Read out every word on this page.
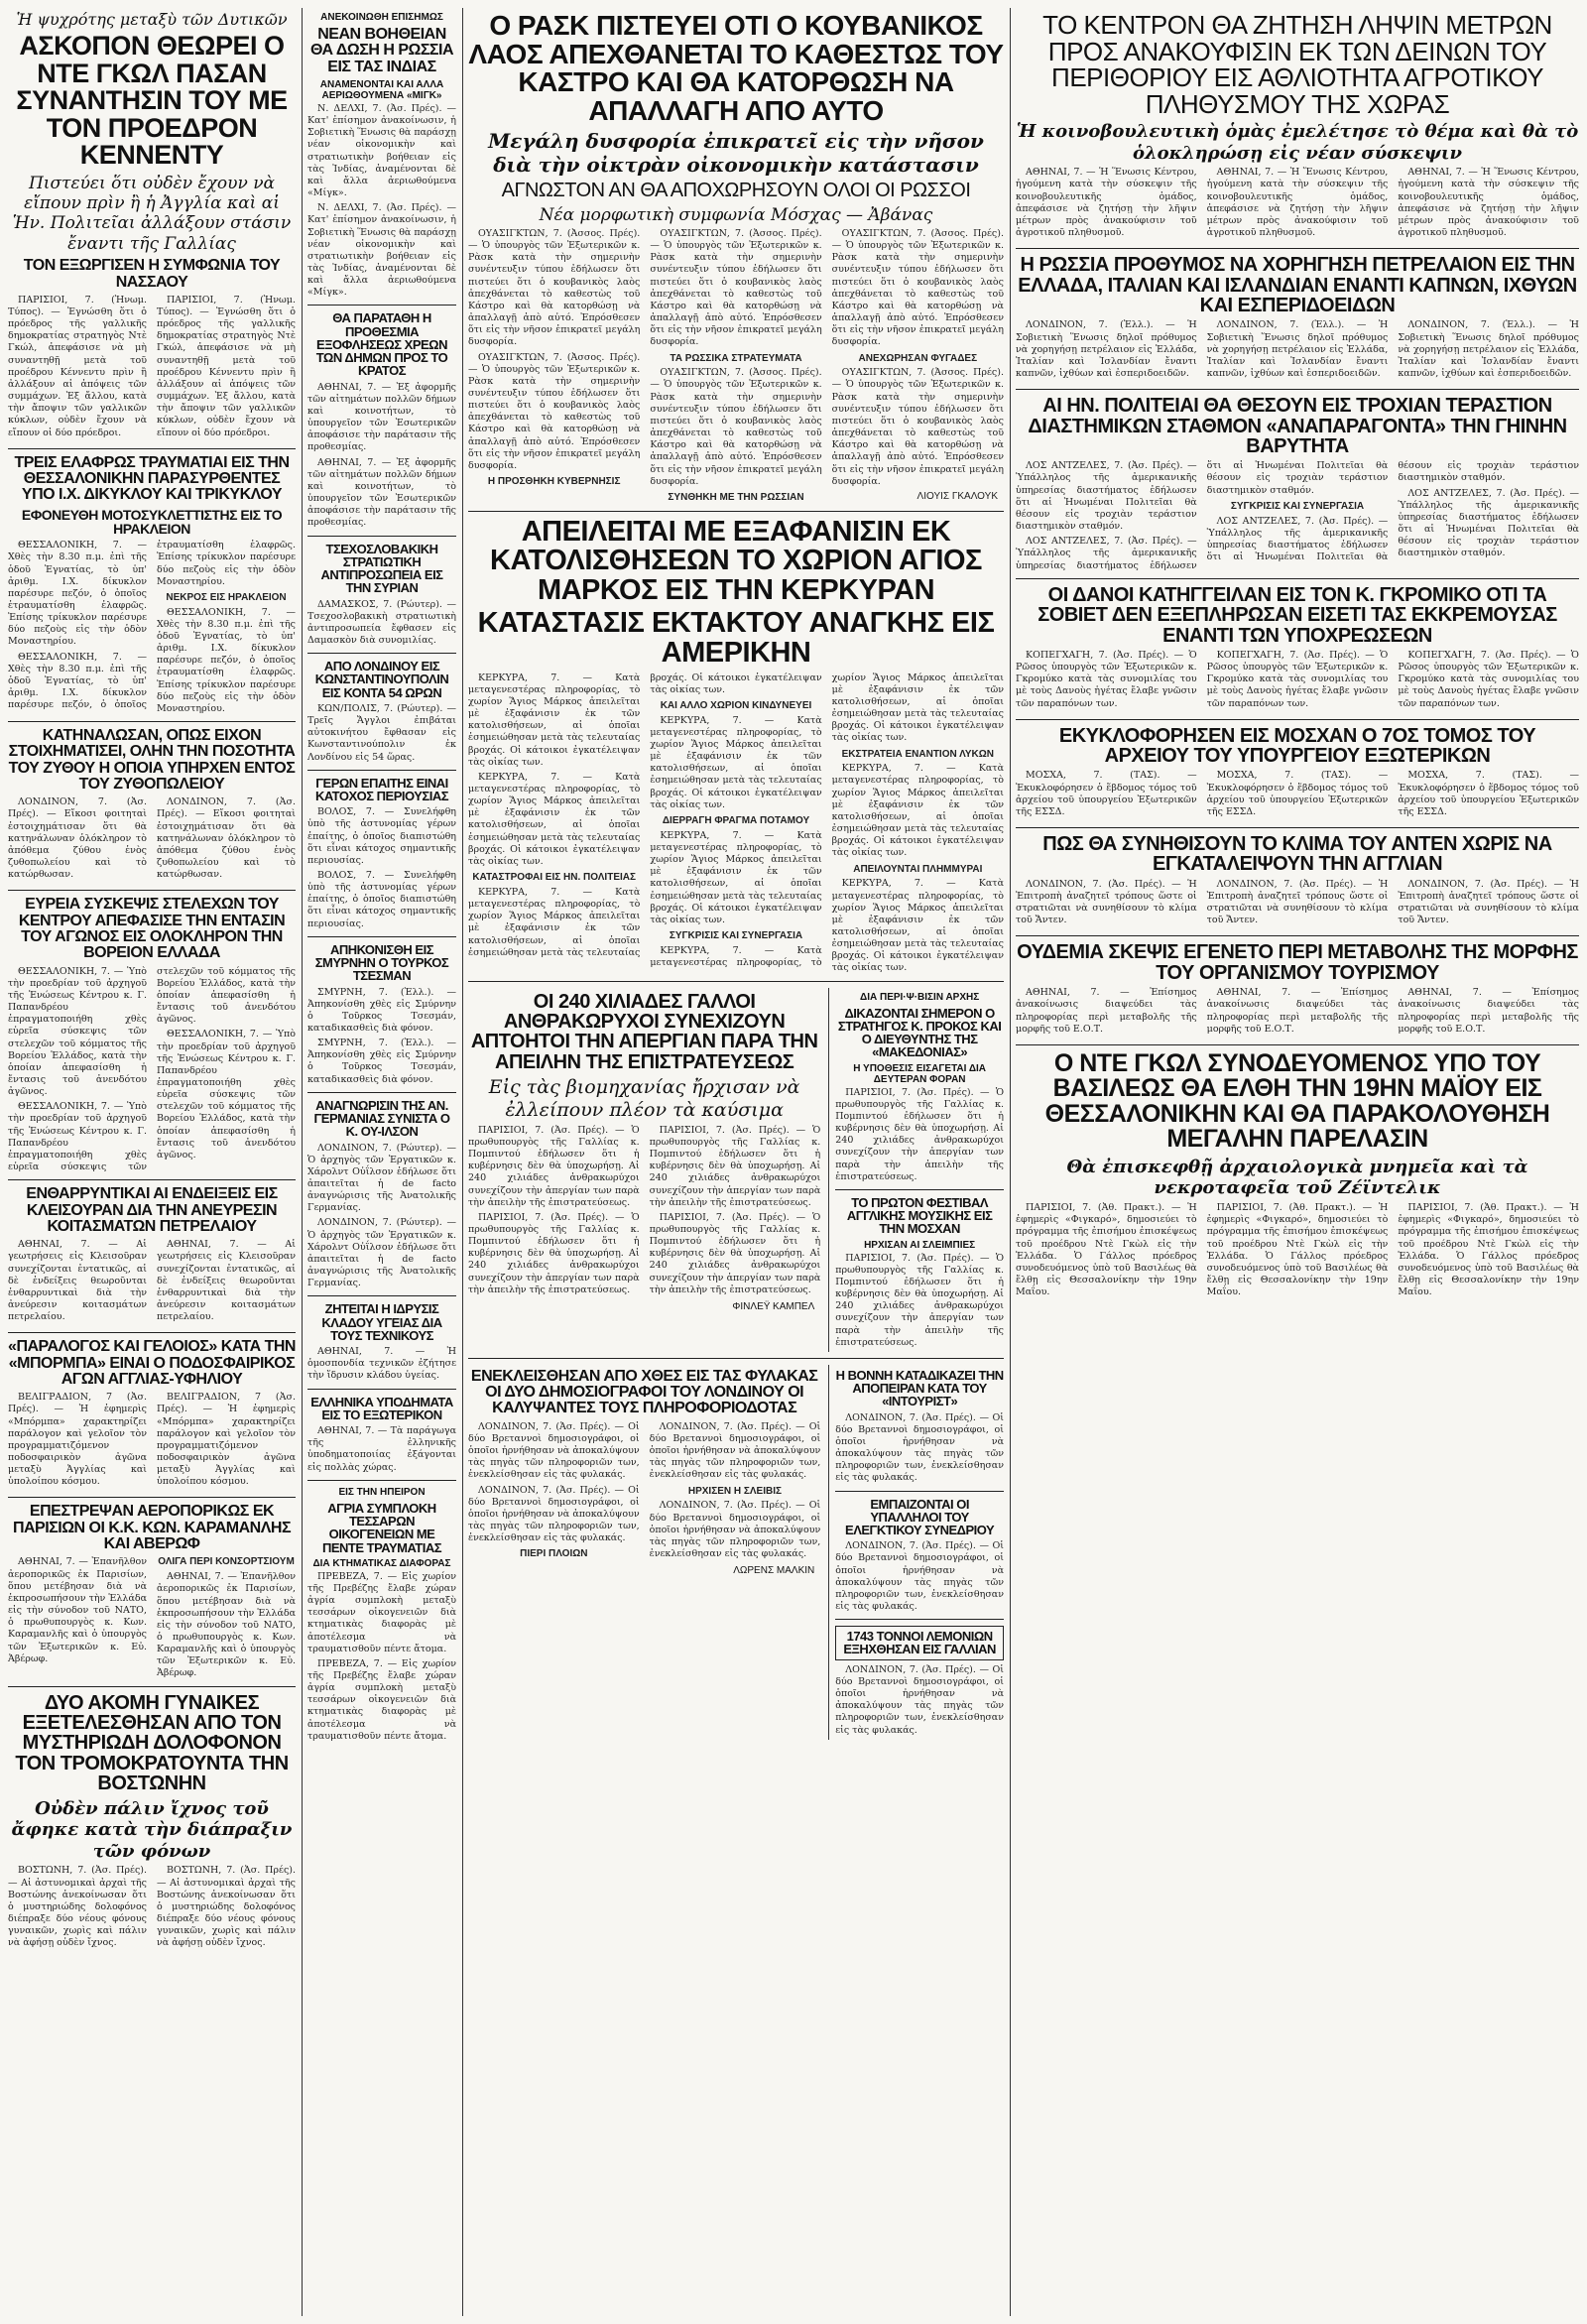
Ἡ ψυχρότης μεταξὺ τῶν Δυτικῶν
ΑΣΚΟΠΟΝ ΘΕΩΡΕΙ Ο ΝΤΕ ΓΚΩΛ ΠΑΣΑΝ ΣΥΝΑΝΤΗΣΙΝ ΤΟΥ ΜΕ ΤΟΝ ΠΡΟΕΔΡΟΝ ΚΕΝΝΕΝΤΥ
Πιστεύει ὅτι οὐδὲν ἔχουν νὰ εἴπουν πρὶν ἢ ἡ Ἀγγλία καὶ αἱ Ἡν. Πολιτεῖαι ἀλλάξουν στάσιν ἔναντι τῆς Γαλλίας
ΤΟΝ ΕΞΩΡΓΙΣΕΝ Η ΣΥΜΦΩΝΙΑ ΤΟΥ ΝΑΣΣΑΟΥ

ΠΑΡΙΣΙΟΙ, 7. (Ἠνωμ. Τύπος). — Ἐγνώσθη ὅτι ὁ πρόεδρος τῆς γαλλικῆς δημοκρατίας στρατηγὸς Ντὲ Γκώλ, ἀπεφάσισε νὰ μὴ συναντηθῇ μετὰ τοῦ προέδρου Κέννεντυ πρὶν ἢ ἀλλάξουν αἱ ἀπόψεις τῶν συμμάχων. Ἐξ ἄλλου, κατὰ τὴν ἄποψιν τῶν γαλλικῶν κύκλων, οὐδὲν ἔχουν νὰ εἴπουν οἱ δύο πρόεδροι.

ΠΑΡΙΣΙΟΙ, 7. (Ἠνωμ. Τύπος). — Ἐγνώσθη ὅτι ὁ πρόεδρος τῆς γαλλικῆς δημοκρατίας στρατηγὸς Ντὲ Γκώλ, ἀπεφάσισε νὰ μὴ συναντηθῇ μετὰ τοῦ προέδρου Κέννεντυ πρὶν ἢ ἀλλάξουν αἱ ἀπόψεις τῶν συμμάχων. Ἐξ ἄλλου, κατὰ τὴν ἄποψιν τῶν γαλλικῶν κύκλων, οὐδὲν ἔχουν νὰ εἴπουν οἱ δύο πρόεδροι.

ΤΡΕΙΣ ΕΛΑΦΡΩΣ ΤΡΑΥΜΑΤΙΑΙ ΕΙΣ ΤΗΝ ΘΕΣΣΑΛΟΝΙΚΗΝ ΠΑΡΑΣΥΡΘΕΝΤΕΣ ΥΠΟ Ι.Χ. ΔΙΚΥΚΛΟΥ ΚΑΙ ΤΡΙΚΥΚΛΟΥ
ΕΦΟΝΕΥΘΗ ΜΟΤΟΣΥΚΛΕΤΤΙΣΤΗΣ ΕΙΣ ΤΟ ΗΡΑΚΛΕΙΟΝ

ΘΕΣΣΑΛΟΝΙΚΗ, 7. — Χθὲς τὴν 8.30 π.μ. ἐπὶ τῆς ὁδοῦ Ἐγνατίας, τὸ ὑπ' ἀριθμ. Ι.Χ. δίκυκλον παρέσυρε πεζόν, ὁ ὁποῖος ἐτραυματίσθη ἐλαφρῶς. Ἐπίσης τρίκυκλον παρέσυρε δύο πεζοὺς εἰς τὴν ὁδὸν Μοναστηρίου.

ΘΕΣΣΑΛΟΝΙΚΗ, 7. — Χθὲς τὴν 8.30 π.μ. ἐπὶ τῆς ὁδοῦ Ἐγνατίας, τὸ ὑπ' ἀριθμ. Ι.Χ. δίκυκλον παρέσυρε πεζόν, ὁ ὁποῖος ἐτραυματίσθη ἐλαφρῶς. Ἐπίσης τρίκυκλον παρέσυρε δύο πεζοὺς εἰς τὴν ὁδὸν Μοναστηρίου.

ΝΕΚΡΟΣ ΕΙΣ ΗΡΑΚΛΕΙΟΝ

ΘΕΣΣΑΛΟΝΙΚΗ, 7. — Χθὲς τὴν 8.30 π.μ. ἐπὶ τῆς ὁδοῦ Ἐγνατίας, τὸ ὑπ' ἀριθμ. Ι.Χ. δίκυκλον παρέσυρε πεζόν, ὁ ὁποῖος ἐτραυματίσθη ἐλαφρῶς. Ἐπίσης τρίκυκλον παρέσυρε δύο πεζοὺς εἰς τὴν ὁδὸν Μοναστηρίου.

ΚΑΤΗΝΑΛΩΣΑΝ, ΟΠΩΣ ΕΙΧΟΝ ΣΤΟΙΧΗΜΑΤΙΣΕΙ, ΟΛΗΝ ΤΗΝ ΠΟΣΟΤΗΤΑ ΤΟΥ ΖΥΘΟΥ Η ΟΠΟΙΑ ΥΠΗΡΧΕΝ ΕΝΤΟΣ ΤΟΥ ΖΥΘΟΠΩΛΕΙΟΥ

ΛΟΝΔΙΝΟΝ, 7. (Ἀσ. Πρές). — Εἴκοσι φοιτηταὶ ἐστοιχημάτισαν ὅτι θὰ κατηνάλωναν ὁλόκληρον τὸ ἀπόθεμα ζύθου ἑνὸς ζυθοπωλείου καὶ τὸ κατώρθωσαν.

ΛΟΝΔΙΝΟΝ, 7. (Ἀσ. Πρές). — Εἴκοσι φοιτηταὶ ἐστοιχημάτισαν ὅτι θὰ κατηνάλωναν ὁλόκληρον τὸ ἀπόθεμα ζύθου ἑνὸς ζυθοπωλείου καὶ τὸ κατώρθωσαν.

ΕΥΡΕΙΑ ΣΥΣΚΕΨΙΣ ΣΤΕΛΕΧΩΝ ΤΟΥ ΚΕΝΤΡΟΥ ΑΠΕΦΑΣΙΣΕ ΤΗΝ ΕΝΤΑΣΙΝ ΤΟΥ ΑΓΩΝΟΣ ΕΙΣ ΟΛΟΚΛΗΡΟΝ ΤΗΝ ΒΟΡΕΙΟΝ ΕΛΛΑΔΑ

ΘΕΣΣΑΛΟΝΙΚΗ, 7. — Ὑπὸ τὴν προεδρίαν τοῦ ἀρχηγοῦ τῆς Ἑνώσεως Κέντρου κ. Γ. Παπανδρέου ἐπραγματοποιήθη χθὲς εὐρεῖα σύσκεψις τῶν στελεχῶν τοῦ κόμματος τῆς Βορείου Ἑλλάδος, κατὰ τὴν ὁποίαν ἀπεφασίσθη ἡ ἔντασις τοῦ ἀνενδότου ἀγῶνος.

ΘΕΣΣΑΛΟΝΙΚΗ, 7. — Ὑπὸ τὴν προεδρίαν τοῦ ἀρχηγοῦ τῆς Ἑνώσεως Κέντρου κ. Γ. Παπανδρέου ἐπραγματοποιήθη χθὲς εὐρεῖα σύσκεψις τῶν στελεχῶν τοῦ κόμματος τῆς Βορείου Ἑλλάδος, κατὰ τὴν ὁποίαν ἀπεφασίσθη ἡ ἔντασις τοῦ ἀνενδότου ἀγῶνος.

ΘΕΣΣΑΛΟΝΙΚΗ, 7. — Ὑπὸ τὴν προεδρίαν τοῦ ἀρχηγοῦ τῆς Ἑνώσεως Κέντρου κ. Γ. Παπανδρέου ἐπραγματοποιήθη χθὲς εὐρεῖα σύσκεψις τῶν στελεχῶν τοῦ κόμματος τῆς Βορείου Ἑλλάδος, κατὰ τὴν ὁποίαν ἀπεφασίσθη ἡ ἔντασις τοῦ ἀνενδότου ἀγῶνος.

ΕΝΘΑΡΡΥΝΤΙΚΑΙ ΑΙ ΕΝΔΕΙΞΕΙΣ ΕΙΣ ΚΛΕΙΣΟΥΡΑΝ ΔΙΑ ΤΗΝ ΑΝΕΥΡΕΣΙΝ ΚΟΙΤΑΣΜΑΤΩΝ ΠΕΤΡΕΛΑΙΟΥ

ΑΘΗΝΑΙ, 7. — Αἱ γεωτρήσεις εἰς Κλεισοῦραν συνεχίζονται ἐντατικῶς, αἱ δὲ ἐνδείξεις θεωροῦνται ἐνθαρρυντικαὶ διὰ τὴν ἀνεύρεσιν κοιτασμάτων πετρελαίου.

ΑΘΗΝΑΙ, 7. — Αἱ γεωτρήσεις εἰς Κλεισοῦραν συνεχίζονται ἐντατικῶς, αἱ δὲ ἐνδείξεις θεωροῦνται ἐνθαρρυντικαὶ διὰ τὴν ἀνεύρεσιν κοιτασμάτων πετρελαίου.

«ΠΑΡΑΛΟΓΟΣ ΚΑΙ ΓΕΛΟΙΟΣ» ΚΑΤΑ ΤΗΝ «ΜΠΟΡΜΠΑ» ΕΙΝΑΙ Ο ΠΟΔΟΣΦΑΙΡΙΚΟΣ ΑΓΩΝ ΑΓΓΛΙΑΣ-ΥΦΗΛΙΟΥ

ΒΕΛΙΓΡΑΔΙΟΝ, 7 (Ἀσ. Πρές). — Ἡ ἐφημερὶς «Μπόρμπα» χαρακτηρίζει παράλογον καὶ γελοῖον τὸν προγραμματιζόμενον ποδοσφαιρικὸν ἀγῶνα μεταξὺ Ἀγγλίας καὶ ὑπολοίπου κόσμου.

ΒΕΛΙΓΡΑΔΙΟΝ, 7 (Ἀσ. Πρές). — Ἡ ἐφημερὶς «Μπόρμπα» χαρακτηρίζει παράλογον καὶ γελοῖον τὸν προγραμματιζόμενον ποδοσφαιρικὸν ἀγῶνα μεταξὺ Ἀγγλίας καὶ ὑπολοίπου κόσμου.

ΕΠΕΣΤΡΕΨΑΝ ΑΕΡΟΠΟΡΙΚΩΣ ΕΚ ΠΑΡΙΣΙΩΝ ΟΙ Κ.Κ. ΚΩΝ. ΚΑΡΑΜΑΝΛΗΣ ΚΑΙ ΑΒΕΡΩΦ

ΑΘΗΝΑΙ, 7. — Ἐπανῆλθον ἀεροπορικῶς ἐκ Παρισίων, ὅπου μετέβησαν διὰ νὰ ἐκπροσωπήσουν τὴν Ἑλλάδα εἰς τὴν σύνοδον τοῦ ΝΑΤΟ, ὁ πρωθυπουργὸς κ. Κων. Καραμανλῆς καὶ ὁ ὑπουργὸς τῶν Ἐξωτερικῶν κ. Εὐ. Ἀβέρωφ.

ΟΛΙΓΑ ΠΕΡΙ ΚΟΝΣΟΡΤΣΙΟΥΜ

ΑΘΗΝΑΙ, 7. — Ἐπανῆλθον ἀεροπορικῶς ἐκ Παρισίων, ὅπου μετέβησαν διὰ νὰ ἐκπροσωπήσουν τὴν Ἑλλάδα εἰς τὴν σύνοδον τοῦ ΝΑΤΟ, ὁ πρωθυπουργὸς κ. Κων. Καραμανλῆς καὶ ὁ ὑπουργὸς τῶν Ἐξωτερικῶν κ. Εὐ. Ἀβέρωφ.

ΔΥΟ ΑΚΟΜΗ ΓΥΝΑΙΚΕΣ ΕΞΕΤΕΛΕΣΘΗΣΑΝ ΑΠΟ ΤΟΝ ΜΥΣΤΗΡΙΩΔΗ ΔΟΛΟΦΟΝΟΝ ΤΟΝ ΤΡΟΜΟΚΡΑΤΟΥΝΤΑ ΤΗΝ ΒΟΣΤΩΝΗΝ
Οὐδὲν πάλιν ἴχνος τοῦ ἄφηκε κατὰ τὴν διάπραξιν τῶν φόνων

ΒΟΣΤΩΝΗ, 7. (Ἀσ. Πρές). — Αἱ ἀστυνομικαὶ ἀρχαὶ τῆς Βοστώνης ἀνεκοίνωσαν ὅτι ὁ μυστηριώδης δολοφόνος διέπραξε δύο νέους φόνους γυναικῶν, χωρὶς καὶ πάλιν νὰ ἀφήσῃ οὐδὲν ἴχνος.

ΒΟΣΤΩΝΗ, 7. (Ἀσ. Πρές). — Αἱ ἀστυνομικαὶ ἀρχαὶ τῆς Βοστώνης ἀνεκοίνωσαν ὅτι ὁ μυστηριώδης δολοφόνος διέπραξε δύο νέους φόνους γυναικῶν, χωρὶς καὶ πάλιν νὰ ἀφήσῃ οὐδὲν ἴχνος.

ΑΝΕΚΟΙΝΩΘΗ ΕΠΙΣΗΜΩΣ
ΝΕΑΝ ΒΟΗΘΕΙΑΝ ΘΑ ΔΩΣΗ Η ΡΩΣΣΙΑ ΕΙΣ ΤΑΣ ΙΝΔΙΑΣ
ΑΝΑΜΕΝΟΝΤΑΙ ΚΑΙ ΑΛΛΑ ΑΕΡΙΩΘΟΥΜΕΝΑ «ΜΙΓΚ»

Ν. ΔΕΛΧΙ, 7. (Ἀσ. Πρές). — Κατ' ἐπίσημον ἀνακοίνωσιν, ἡ Σοβιετικὴ Ἕνωσις θὰ παράσχῃ νέαν οἰκονομικὴν καὶ στρατιωτικὴν βοήθειαν εἰς τὰς Ἰνδίας, ἀναμένονται δὲ καὶ ἄλλα ἀεριωθούμενα «Μίγκ».

Ν. ΔΕΛΧΙ, 7. (Ἀσ. Πρές). — Κατ' ἐπίσημον ἀνακοίνωσιν, ἡ Σοβιετικὴ Ἕνωσις θὰ παράσχῃ νέαν οἰκονομικὴν καὶ στρατιωτικὴν βοήθειαν εἰς τὰς Ἰνδίας, ἀναμένονται δὲ καὶ ἄλλα ἀεριωθούμενα «Μίγκ».

ΘΑ ΠΑΡΑΤΑΘΗ Η ΠΡΟΘΕΣΜΙΑ ΕΞΟΦΛΗΣΕΩΣ ΧΡΕΩΝ ΤΩΝ ΔΗΜΩΝ ΠΡΟΣ ΤΟ ΚΡΑΤΟΣ

ΑΘΗΝΑΙ, 7. — Ἐξ ἀφορμῆς τῶν αἰτημάτων πολλῶν δήμων καὶ κοινοτήτων, τὸ ὑπουργεῖον τῶν Ἐσωτερικῶν ἀποφάσισε τὴν παράτασιν τῆς προθεσμίας.

ΑΘΗΝΑΙ, 7. — Ἐξ ἀφορμῆς τῶν αἰτημάτων πολλῶν δήμων καὶ κοινοτήτων, τὸ ὑπουργεῖον τῶν Ἐσωτερικῶν ἀποφάσισε τὴν παράτασιν τῆς προθεσμίας.

ΤΣΕΧΟΣΛΟΒΑΚΙΚΗ ΣΤΡΑΤΙΩΤΙΚΗ ΑΝΤΙΠΡΟΣΩΠΕΙΑ ΕΙΣ ΤΗΝ ΣΥΡΙΑΝ

ΔΑΜΑΣΚΟΣ, 7. (Ρώυτερ). — Τσεχοσλοβακικὴ στρατιωτικὴ ἀντιπροσωπεία ἔφθασεν εἰς Δαμασκὸν διὰ συνομιλίας.

ΑΠΟ ΛΟΝΔΙΝΟΥ ΕΙΣ ΚΩΝΣΤΑΝΤΙΝΟΥΠΟΛΙΝ ΕΙΣ ΚΟΝΤΑ 54 ΩΡΩΝ

ΚΩΝ/ΠΟΛΙΣ, 7. (Ρώυτερ). — Τρεῖς Ἄγγλοι ἐπιβάται αὐτοκινήτου ἔφθασαν εἰς Κωνσταντινούπολιν ἐκ Λονδίνου εἰς 54 ὥρας.

ΓΕΡΩΝ ΕΠΑΙΤΗΣ ΕΙΝΑΙ ΚΑΤΟΧΟΣ ΠΕΡΙΟΥΣΙΑΣ

ΒΟΛΟΣ, 7. — Συνελήφθη ὑπὸ τῆς ἀστυνομίας γέρων ἐπαίτης, ὁ ὁποῖος διαπιστώθη ὅτι εἶναι κάτοχος σημαντικῆς περιουσίας.

ΒΟΛΟΣ, 7. — Συνελήφθη ὑπὸ τῆς ἀστυνομίας γέρων ἐπαίτης, ὁ ὁποῖος διαπιστώθη ὅτι εἶναι κάτοχος σημαντικῆς περιουσίας.

ΑΠΗΚΟΝΙΣΘΗ ΕΙΣ ΣΜΥΡΝΗΝ Ο ΤΟΥΡΚΟΣ ΤΣΕΣΜΑΝ

ΣΜΥΡΝΗ, 7. (Ἑλλ.). — Ἀπηκονίσθη χθὲς εἰς Σμύρνην ὁ Τοῦρκος Τσεσμάν, καταδικασθεὶς διὰ φόνον.

ΣΜΥΡΝΗ, 7. (Ἑλλ.). — Ἀπηκονίσθη χθὲς εἰς Σμύρνην ὁ Τοῦρκος Τσεσμάν, καταδικασθεὶς διὰ φόνον.

ΑΝΑΓΝΩΡΙΣΙΝ ΤΗΣ ΑΝ. ΓΕΡΜΑΝΙΑΣ ΣΥΝΙΣΤΑ Ο Κ. ΟΥ-ΙΛΣΟΝ

ΛΟΝΔΙΝΟΝ, 7. (Ρώυτερ). — Ὁ ἀρχηγὸς τῶν Ἐργατικῶν κ. Χάρολντ Οὐΐλσον ἐδήλωσε ὅτι ἀπαιτεῖται ἡ de facto ἀναγνώρισις τῆς Ἀνατολικῆς Γερμανίας.

ΛΟΝΔΙΝΟΝ, 7. (Ρώυτερ). — Ὁ ἀρχηγὸς τῶν Ἐργατικῶν κ. Χάρολντ Οὐΐλσον ἐδήλωσε ὅτι ἀπαιτεῖται ἡ de facto ἀναγνώρισις τῆς Ἀνατολικῆς Γερμανίας.

ΖΗΤΕΙΤΑΙ Η ΙΔΡΥΣΙΣ ΚΛΑΔΟΥ ΥΓΕΙΑΣ ΔΙΑ ΤΟΥΣ ΤΕΧΝΙΚΟΥΣ

ΑΘΗΝΑΙ, 7. — Ἡ ὁμοσπονδία τεχνικῶν ἐζήτησε τὴν ἵδρυσιν κλάδου ὑγείας.

ΕΛΛΗΝΙΚΑ ΥΠΟΔΗΜΑΤΑ ΕΙΣ ΤΟ ΕΞΩΤΕΡΙΚΟΝ

ΑΘΗΝΑΙ, 7. — Τὰ παράγωγα τῆς ἑλληνικῆς ὑποδηματοποιίας ἐξάγονται εἰς πολλὰς χώρας.

ΕΙΣ ΤΗΝ ΗΠΕΙΡΟΝ
ΑΓΡΙΑ ΣΥΜΠΛΟΚΗ ΤΕΣΣΑΡΩΝ ΟΙΚΟΓΕΝΕΙΩΝ ΜΕ ΠΕΝΤΕ ΤΡΑΥΜΑΤΙΑΣ
ΔΙΑ ΚΤΗΜΑΤΙΚΑΣ ΔΙΑΦΟΡΑΣ

ΠΡΕΒΕΖΑ, 7. — Εἰς χωρίον τῆς Πρεβέζης ἔλαβε χώραν ἀγρία συμπλοκὴ μεταξὺ τεσσάρων οἰκογενειῶν διὰ κτηματικὰς διαφορὰς μὲ ἀποτέλεσμα νὰ τραυματισθοῦν πέντε ἄτομα.

ΠΡΕΒΕΖΑ, 7. — Εἰς χωρίον τῆς Πρεβέζης ἔλαβε χώραν ἀγρία συμπλοκὴ μεταξὺ τεσσάρων οἰκογενειῶν διὰ κτηματικὰς διαφορὰς μὲ ἀποτέλεσμα νὰ τραυματισθοῦν πέντε ἄτομα.

Ο ΡΑΣΚ ΠΙΣΤΕΥΕΙ ΟΤΙ Ο ΚΟΥΒΑΝΙΚΟΣ ΛΑΟΣ ΑΠΕΧΘΑΝΕΤΑΙ ΤΟ ΚΑΘΕΣΤΩΣ ΤΟΥ ΚΑΣΤΡΟ ΚΑΙ ΘΑ ΚΑΤΟΡΘΩΣΗ ΝΑ ΑΠΑΛΛΑΓΗ ΑΠΟ ΑΥΤΟ
Μεγάλη δυσφορία ἐπικρατεῖ εἰς τὴν νῆσον διὰ τὴν οἰκτρὰν οἰκονομικὴν κατάστασιν
ΑΓΝΩΣΤΟΝ ΑΝ ΘΑ ΑΠΟΧΩΡΗΣΟΥΝ ΟΛΟΙ ΟΙ ΡΩΣΣΟΙ
Νέα μορφωτικὴ συμφωνία Μόσχας — Ἀβάνας

ΟΥΑΣΙΓΚΤΩΝ, 7. (Ἀσσος. Πρές). — Ὁ ὑπουργὸς τῶν Ἐξωτερικῶν κ. Ρὰσκ κατὰ τὴν σημερινὴν συνέντευξιν τύπου ἐδήλωσεν ὅτι πιστεύει ὅτι ὁ κουβανικὸς λαὸς ἀπεχθάνεται τὸ καθεστὼς τοῦ Κάστρο καὶ θὰ κατορθώσῃ νὰ ἀπαλλαγῇ ἀπὸ αὐτό. Ἐπρόσθεσεν ὅτι εἰς τὴν νῆσον ἐπικρατεῖ μεγάλη δυσφορία.

ΟΥΑΣΙΓΚΤΩΝ, 7. (Ἀσσος. Πρές). — Ὁ ὑπουργὸς τῶν Ἐξωτερικῶν κ. Ρὰσκ κατὰ τὴν σημερινὴν συνέντευξιν τύπου ἐδήλωσεν ὅτι πιστεύει ὅτι ὁ κουβανικὸς λαὸς ἀπεχθάνεται τὸ καθεστὼς τοῦ Κάστρο καὶ θὰ κατορθώσῃ νὰ ἀπαλλαγῇ ἀπὸ αὐτό. Ἐπρόσθεσεν ὅτι εἰς τὴν νῆσον ἐπικρατεῖ μεγάλη δυσφορία.

Η ΠΡΟΣΘΗΚΗ ΚΥΒΕΡΝΗΣΙΣ

ΟΥΑΣΙΓΚΤΩΝ, 7. (Ἀσσος. Πρές). — Ὁ ὑπουργὸς τῶν Ἐξωτερικῶν κ. Ρὰσκ κατὰ τὴν σημερινὴν συνέντευξιν τύπου ἐδήλωσεν ὅτι πιστεύει ὅτι ὁ κουβανικὸς λαὸς ἀπεχθάνεται τὸ καθεστὼς τοῦ Κάστρο καὶ θὰ κατορθώσῃ νὰ ἀπαλλαγῇ ἀπὸ αὐτό. Ἐπρόσθεσεν ὅτι εἰς τὴν νῆσον ἐπικρατεῖ μεγάλη δυσφορία.

ΤΑ ΡΩΣΣΙΚΑ ΣΤΡΑΤΕΥΜΑΤΑ

ΟΥΑΣΙΓΚΤΩΝ, 7. (Ἀσσος. Πρές). — Ὁ ὑπουργὸς τῶν Ἐξωτερικῶν κ. Ρὰσκ κατὰ τὴν σημερινὴν συνέντευξιν τύπου ἐδήλωσεν ὅτι πιστεύει ὅτι ὁ κουβανικὸς λαὸς ἀπεχθάνεται τὸ καθεστὼς τοῦ Κάστρο καὶ θὰ κατορθώσῃ νὰ ἀπαλλαγῇ ἀπὸ αὐτό. Ἐπρόσθεσεν ὅτι εἰς τὴν νῆσον ἐπικρατεῖ μεγάλη δυσφορία.

ΣΥΝΘΗΚΗ ΜΕ ΤΗΝ ΡΩΣΣΙΑΝ

ΟΥΑΣΙΓΚΤΩΝ, 7. (Ἀσσος. Πρές). — Ὁ ὑπουργὸς τῶν Ἐξωτερικῶν κ. Ρὰσκ κατὰ τὴν σημερινὴν συνέντευξιν τύπου ἐδήλωσεν ὅτι πιστεύει ὅτι ὁ κουβανικὸς λαὸς ἀπεχθάνεται τὸ καθεστὼς τοῦ Κάστρο καὶ θὰ κατορθώσῃ νὰ ἀπαλλαγῇ ἀπὸ αὐτό. Ἐπρόσθεσεν ὅτι εἰς τὴν νῆσον ἐπικρατεῖ μεγάλη δυσφορία.

ΑΝΕΧΩΡΗΣΑΝ ΦΥΓΑΔΕΣ

ΟΥΑΣΙΓΚΤΩΝ, 7. (Ἀσσος. Πρές). — Ὁ ὑπουργὸς τῶν Ἐξωτερικῶν κ. Ρὰσκ κατὰ τὴν σημερινὴν συνέντευξιν τύπου ἐδήλωσεν ὅτι πιστεύει ὅτι ὁ κουβανικὸς λαὸς ἀπεχθάνεται τὸ καθεστὼς τοῦ Κάστρο καὶ θὰ κατορθώσῃ νὰ ἀπαλλαγῇ ἀπὸ αὐτό. Ἐπρόσθεσεν ὅτι εἰς τὴν νῆσον ἐπικρατεῖ μεγάλη δυσφορία.

ΛΙΟΥΙΣ ΓΚΑΛΟΥΚ
ΑΠΕΙΛΕΙΤΑΙ ΜΕ ΕΞΑΦΑΝΙΣΙΝ ΕΚ ΚΑΤΟΛΙΣΘΗΣΕΩΝ ΤΟ ΧΩΡΙΟΝ ΑΓΙΟΣ ΜΑΡΚΟΣ ΕΙΣ ΤΗΝ ΚΕΡΚΥΡΑΝ
ΚΑΤΑΣΤΑΣΙΣ ΕΚΤΑΚΤΟΥ ΑΝΑΓΚΗΣ ΕΙΣ ΑΜΕΡΙΚΗΝ

ΚΕΡΚΥΡΑ, 7. — Κατὰ μεταγενεστέρας πληροφορίας, τὸ χωρίον Ἅγιος Μάρκος ἀπειλεῖται μὲ ἐξαφάνισιν ἐκ τῶν κατολισθήσεων, αἱ ὁποῖαι ἐσημειώθησαν μετὰ τὰς τελευταίας βροχάς. Οἱ κάτοικοι ἐγκατέλειψαν τὰς οἰκίας των.

ΚΕΡΚΥΡΑ, 7. — Κατὰ μεταγενεστέρας πληροφορίας, τὸ χωρίον Ἅγιος Μάρκος ἀπειλεῖται μὲ ἐξαφάνισιν ἐκ τῶν κατολισθήσεων, αἱ ὁποῖαι ἐσημειώθησαν μετὰ τὰς τελευταίας βροχάς. Οἱ κάτοικοι ἐγκατέλειψαν τὰς οἰκίας των.

ΚΑΤΑΣΤΡΟΦΑΙ ΕΙΣ ΗΝ. ΠΟΛΙΤΕΙΑΣ

ΚΕΡΚΥΡΑ, 7. — Κατὰ μεταγενεστέρας πληροφορίας, τὸ χωρίον Ἅγιος Μάρκος ἀπειλεῖται μὲ ἐξαφάνισιν ἐκ τῶν κατολισθήσεων, αἱ ὁποῖαι ἐσημειώθησαν μετὰ τὰς τελευταίας βροχάς. Οἱ κάτοικοι ἐγκατέλειψαν τὰς οἰκίας των.

ΚΑΙ ΑΛΛΟ ΧΩΡΙΟΝ ΚΙΝΔΥΝΕΥΕΙ

ΚΕΡΚΥΡΑ, 7. — Κατὰ μεταγενεστέρας πληροφορίας, τὸ χωρίον Ἅγιος Μάρκος ἀπειλεῖται μὲ ἐξαφάνισιν ἐκ τῶν κατολισθήσεων, αἱ ὁποῖαι ἐσημειώθησαν μετὰ τὰς τελευταίας βροχάς. Οἱ κάτοικοι ἐγκατέλειψαν τὰς οἰκίας των.

ΔΙΕΡΡΑΓΗ ΦΡΑΓΜΑ ΠΟΤΑΜΟΥ

ΚΕΡΚΥΡΑ, 7. — Κατὰ μεταγενεστέρας πληροφορίας, τὸ χωρίον Ἅγιος Μάρκος ἀπειλεῖται μὲ ἐξαφάνισιν ἐκ τῶν κατολισθήσεων, αἱ ὁποῖαι ἐσημειώθησαν μετὰ τὰς τελευταίας βροχάς. Οἱ κάτοικοι ἐγκατέλειψαν τὰς οἰκίας των.

ΣΥΓΚΡΙΣΙΣ ΚΑΙ ΣΥΝΕΡΓΑΣΙΑ

ΚΕΡΚΥΡΑ, 7. — Κατὰ μεταγενεστέρας πληροφορίας, τὸ χωρίον Ἅγιος Μάρκος ἀπειλεῖται μὲ ἐξαφάνισιν ἐκ τῶν κατολισθήσεων, αἱ ὁποῖαι ἐσημειώθησαν μετὰ τὰς τελευταίας βροχάς. Οἱ κάτοικοι ἐγκατέλειψαν τὰς οἰκίας των.

ΕΚΣΤΡΑΤΕΙΑ ΕΝΑΝΤΙΟΝ ΛΥΚΩΝ

ΚΕΡΚΥΡΑ, 7. — Κατὰ μεταγενεστέρας πληροφορίας, τὸ χωρίον Ἅγιος Μάρκος ἀπειλεῖται μὲ ἐξαφάνισιν ἐκ τῶν κατολισθήσεων, αἱ ὁποῖαι ἐσημειώθησαν μετὰ τὰς τελευταίας βροχάς. Οἱ κάτοικοι ἐγκατέλειψαν τὰς οἰκίας των.

ΑΠΕΙΛΟΥΝΤΑΙ ΠΛΗΜΜΥΡΑΙ

ΚΕΡΚΥΡΑ, 7. — Κατὰ μεταγενεστέρας πληροφορίας, τὸ χωρίον Ἅγιος Μάρκος ἀπειλεῖται μὲ ἐξαφάνισιν ἐκ τῶν κατολισθήσεων, αἱ ὁποῖαι ἐσημειώθησαν μετὰ τὰς τελευταίας βροχάς. Οἱ κάτοικοι ἐγκατέλειψαν τὰς οἰκίας των.

ΟΙ 240 ΧΙΛΙΑΔΕΣ ΓΑΛΛΟΙ ΑΝΘΡΑΚΩΡΥΧΟΙ ΣΥΝΕΧΙΖΟΥΝ ΑΠΤΟΗΤΟΙ ΤΗΝ ΑΠΕΡΓΙΑΝ ΠΑΡΑ ΤΗΝ ΑΠΕΙΛΗΝ ΤΗΣ ΕΠΙΣΤΡΑΤΕΥΣΕΩΣ
Εἰς τὰς βιομηχανίας ἤρχισαν νὰ ἐλλείπουν πλέον τὰ καύσιμα

ΠΑΡΙΣΙΟΙ, 7. (Ἀσ. Πρές). — Ὁ πρωθυπουργὸς τῆς Γαλλίας κ. Πομπιντού ἐδήλωσεν ὅτι ἡ κυβέρνησις δὲν θὰ ὑποχωρήσῃ. Αἱ 240 χιλιάδες ἀνθρακωρύχοι συνεχίζουν τὴν ἀπεργίαν των παρὰ τὴν ἀπειλὴν τῆς ἐπιστρατεύσεως.

ΠΑΡΙΣΙΟΙ, 7. (Ἀσ. Πρές). — Ὁ πρωθυπουργὸς τῆς Γαλλίας κ. Πομπιντού ἐδήλωσεν ὅτι ἡ κυβέρνησις δὲν θὰ ὑποχωρήσῃ. Αἱ 240 χιλιάδες ἀνθρακωρύχοι συνεχίζουν τὴν ἀπεργίαν των παρὰ τὴν ἀπειλὴν τῆς ἐπιστρατεύσεως.

ΠΑΡΙΣΙΟΙ, 7. (Ἀσ. Πρές). — Ὁ πρωθυπουργὸς τῆς Γαλλίας κ. Πομπιντού ἐδήλωσεν ὅτι ἡ κυβέρνησις δὲν θὰ ὑποχωρήσῃ. Αἱ 240 χιλιάδες ἀνθρακωρύχοι συνεχίζουν τὴν ἀπεργίαν των παρὰ τὴν ἀπειλὴν τῆς ἐπιστρατεύσεως.

ΠΑΡΙΣΙΟΙ, 7. (Ἀσ. Πρές). — Ὁ πρωθυπουργὸς τῆς Γαλλίας κ. Πομπιντού ἐδήλωσεν ὅτι ἡ κυβέρνησις δὲν θὰ ὑποχωρήσῃ. Αἱ 240 χιλιάδες ἀνθρακωρύχοι συνεχίζουν τὴν ἀπεργίαν των παρὰ τὴν ἀπειλὴν τῆς ἐπιστρατεύσεως.

ΦΙΝΛΕΫ ΚΑΜΠΕΛ
ΔΙΑ ΠΕΡΙ·Ψ·ΒΙΣΙΝ ΑΡΧΗΣ
ΔΙΚΑΖΟΝΤΑΙ ΣΗΜΕΡΟΝ Ο ΣΤΡΑΤΗΓΟΣ Κ. ΠΡΟΚΟΣ ΚΑΙ Ο ΔΙΕΥΘΥΝΤΗΣ ΤΗΣ «ΜΑΚΕΔΟΝΙΑΣ»
Η ΥΠΟΘΕΣΙΣ ΕΙΣΑΓΕΤΑΙ ΔΙΑ ΔΕΥΤΕΡΑΝ ΦΟΡΑΝ

ΠΑΡΙΣΙΟΙ, 7. (Ἀσ. Πρές). — Ὁ πρωθυπουργὸς τῆς Γαλλίας κ. Πομπιντού ἐδήλωσεν ὅτι ἡ κυβέρνησις δὲν θὰ ὑποχωρήσῃ. Αἱ 240 χιλιάδες ἀνθρακωρύχοι συνεχίζουν τὴν ἀπεργίαν των παρὰ τὴν ἀπειλὴν τῆς ἐπιστρατεύσεως.

ΤΟ ΠΡΩΤΟΝ ΦΕΣΤΙΒΑΛ ΑΓΓΛΙΚΗΣ ΜΟΥΣΙΚΗΣ ΕΙΣ ΤΗΝ ΜΟΣΧΑΝ
ΗΡΧΙΣΑΝ ΑΙ ΣΛΕΙΜΠΙΕΣ

ΠΑΡΙΣΙΟΙ, 7. (Ἀσ. Πρές). — Ὁ πρωθυπουργὸς τῆς Γαλλίας κ. Πομπιντού ἐδήλωσεν ὅτι ἡ κυβέρνησις δὲν θὰ ὑποχωρήσῃ. Αἱ 240 χιλιάδες ἀνθρακωρύχοι συνεχίζουν τὴν ἀπεργίαν των παρὰ τὴν ἀπειλὴν τῆς ἐπιστρατεύσεως.

ΕΝΕΚΛΕΙΣΘΗΣΑΝ ΑΠΟ ΧΘΕΣ ΕΙΣ ΤΑΣ ΦΥΛΑΚΑΣ ΟΙ ΔΥΟ ΔΗΜΟΣΙΟΓΡΑΦΟΙ ΤΟΥ ΛΟΝΔΙΝΟΥ ΟΙ ΚΑΛΥΨΑΝΤΕΣ ΤΟΥΣ ΠΛΗΡΟΦΟΡΙΟΔΟΤΑΣ

ΛΟΝΔΙΝΟΝ, 7. (Ἀσ. Πρές). — Οἱ δύο Βρεταννοὶ δημοσιογράφοι, οἱ ὁποῖοι ἠρνήθησαν νὰ ἀποκαλύψουν τὰς πηγὰς τῶν πληροφοριῶν των, ἐνεκλείσθησαν εἰς τὰς φυλακάς.

ΛΟΝΔΙΝΟΝ, 7. (Ἀσ. Πρές). — Οἱ δύο Βρεταννοὶ δημοσιογράφοι, οἱ ὁποῖοι ἠρνήθησαν νὰ ἀποκαλύψουν τὰς πηγὰς τῶν πληροφοριῶν των, ἐνεκλείσθησαν εἰς τὰς φυλακάς.

ΠΙΕΡΙ ΠΛΟΙΩΝ

ΛΟΝΔΙΝΟΝ, 7. (Ἀσ. Πρές). — Οἱ δύο Βρεταννοὶ δημοσιογράφοι, οἱ ὁποῖοι ἠρνήθησαν νὰ ἀποκαλύψουν τὰς πηγὰς τῶν πληροφοριῶν των, ἐνεκλείσθησαν εἰς τὰς φυλακάς.

ΗΡΧΙΣΕΝ Η ΣΛΕΙΒΙΣ

ΛΟΝΔΙΝΟΝ, 7. (Ἀσ. Πρές). — Οἱ δύο Βρεταννοὶ δημοσιογράφοι, οἱ ὁποῖοι ἠρνήθησαν νὰ ἀποκαλύψουν τὰς πηγὰς τῶν πληροφοριῶν των, ἐνεκλείσθησαν εἰς τὰς φυλακάς.

ΛΩΡΕΝΣ ΜΑΛΚΙΝ
Η ΒΟΝΝΗ ΚΑΤΑΔΙΚΑΖΕΙ ΤΗΝ ΑΠΟΠΕΙΡΑΝ ΚΑΤΑ ΤΟΥ «ΙΝΤΟΥΡΙΣΤ»

ΛΟΝΔΙΝΟΝ, 7. (Ἀσ. Πρές). — Οἱ δύο Βρεταννοὶ δημοσιογράφοι, οἱ ὁποῖοι ἠρνήθησαν νὰ ἀποκαλύψουν τὰς πηγὰς τῶν πληροφοριῶν των, ἐνεκλείσθησαν εἰς τὰς φυλακάς.

ΕΜΠΑΙΖΟΝΤΑΙ ΟΙ ΥΠΑΛΛΗΛΟΙ ΤΟΥ ΕΛΕΓΚΤΙΚΟΥ ΣΥΝΕΔΡΙΟΥ

ΛΟΝΔΙΝΟΝ, 7. (Ἀσ. Πρές). — Οἱ δύο Βρεταννοὶ δημοσιογράφοι, οἱ ὁποῖοι ἠρνήθησαν νὰ ἀποκαλύψουν τὰς πηγὰς τῶν πληροφοριῶν των, ἐνεκλείσθησαν εἰς τὰς φυλακάς.

1743 ΤΟΝΝΟΙ ΛΕΜΟΝΙΩΝ ΕΞΗΧΘΗΣΑΝ ΕΙΣ ΓΑΛΛΙΑΝ

ΛΟΝΔΙΝΟΝ, 7. (Ἀσ. Πρές). — Οἱ δύο Βρεταννοὶ δημοσιογράφοι, οἱ ὁποῖοι ἠρνήθησαν νὰ ἀποκαλύψουν τὰς πηγὰς τῶν πληροφοριῶν των, ἐνεκλείσθησαν εἰς τὰς φυλακάς.

ΤΟ ΚΕΝΤΡΟΝ ΘΑ ΖΗΤΗΣΗ ΛΗΨΙΝ ΜΕΤΡΩΝ ΠΡΟΣ ΑΝΑΚΟΥΦΙΣΙΝ ΕΚ ΤΩΝ ΔΕΙΝΩΝ ΤΟΥ ΠΕΡΙΘΟΡΙΟΥ ΕΙΣ ΑΘΛΙΟΤΗΤΑ ΑΓΡΟΤΙΚΟΥ ΠΛΗΘΥΣΜΟΥ ΤΗΣ ΧΩΡΑΣ
Ἡ κοινοβουλευτικὴ ὁμὰς ἐμελέτησε τὸ θέμα καὶ θὰ τὸ ὁλοκληρώσῃ εἰς νέαν σύσκεψιν

ΑΘΗΝΑΙ, 7. — Ἡ Ἕνωσις Κέντρου, ἠγούμενη κατὰ τὴν σύσκεψιν τῆς κοινοβουλευτικῆς ὁμάδος, ἀπεφάσισε νὰ ζητήσῃ τὴν λῆψιν μέτρων πρὸς ἀνακούφισιν τοῦ ἀγροτικοῦ πληθυσμοῦ.

ΑΘΗΝΑΙ, 7. — Ἡ Ἕνωσις Κέντρου, ἠγούμενη κατὰ τὴν σύσκεψιν τῆς κοινοβουλευτικῆς ὁμάδος, ἀπεφάσισε νὰ ζητήσῃ τὴν λῆψιν μέτρων πρὸς ἀνακούφισιν τοῦ ἀγροτικοῦ πληθυσμοῦ.

ΑΘΗΝΑΙ, 7. — Ἡ Ἕνωσις Κέντρου, ἠγούμενη κατὰ τὴν σύσκεψιν τῆς κοινοβουλευτικῆς ὁμάδος, ἀπεφάσισε νὰ ζητήσῃ τὴν λῆψιν μέτρων πρὸς ἀνακούφισιν τοῦ ἀγροτικοῦ πληθυσμοῦ.

Η ΡΩΣΣΙΑ ΠΡΟΘΥΜΟΣ ΝΑ ΧΟΡΗΓΗΣΗ ΠΕΤΡΕΛΑΙΟΝ ΕΙΣ ΤΗΝ ΕΛΛΑΔΑ, ΙΤΑΛΙΑΝ ΚΑΙ ΙΣΛΑΝΔΙΑΝ ΕΝΑΝΤΙ ΚΑΠΝΩΝ, ΙΧΘΥΩΝ ΚΑΙ ΕΣΠΕΡΙΔΟΕΙΔΩΝ

ΛΟΝΔΙΝΟΝ, 7. (Ἑλλ.). — Ἡ Σοβιετικὴ Ἕνωσις δηλοῖ πρόθυμος νὰ χορηγήσῃ πετρέλαιον εἰς Ἑλλάδα, Ἰταλίαν καὶ Ἰσλανδίαν ἔναντι καπνῶν, ἰχθύων καὶ ἐσπεριδοειδῶν.

ΛΟΝΔΙΝΟΝ, 7. (Ἑλλ.). — Ἡ Σοβιετικὴ Ἕνωσις δηλοῖ πρόθυμος νὰ χορηγήσῃ πετρέλαιον εἰς Ἑλλάδα, Ἰταλίαν καὶ Ἰσλανδίαν ἔναντι καπνῶν, ἰχθύων καὶ ἐσπεριδοειδῶν.

ΛΟΝΔΙΝΟΝ, 7. (Ἑλλ.). — Ἡ Σοβιετικὴ Ἕνωσις δηλοῖ πρόθυμος νὰ χορηγήσῃ πετρέλαιον εἰς Ἑλλάδα, Ἰταλίαν καὶ Ἰσλανδίαν ἔναντι καπνῶν, ἰχθύων καὶ ἐσπεριδοειδῶν.

ΑΙ ΗΝ. ΠΟΛΙΤΕΙΑΙ ΘΑ ΘΕΣΟΥΝ ΕΙΣ ΤΡΟΧΙΑΝ ΤΕΡΑΣΤΙΟΝ ΔΙΑΣΤΗΜΙΚΩΝ ΣΤΑΘΜΟΝ «ΑΝΑΠΑΡΑΓΟΝΤΑ» ΤΗΝ ΓΗΙΝΗΝ ΒΑΡΥΤΗΤΑ

ΛΟΣ ΑΝΤΖΕΛΕΣ, 7. (Ἀσ. Πρές). — Ὑπάλληλος τῆς ἀμερικανικῆς ὑπηρεσίας διαστήματος ἐδήλωσεν ὅτι αἱ Ἡνωμέναι Πολιτεῖαι θὰ θέσουν εἰς τροχιὰν τεράστιον διαστημικὸν σταθμόν.

ΛΟΣ ΑΝΤΖΕΛΕΣ, 7. (Ἀσ. Πρές). — Ὑπάλληλος τῆς ἀμερικανικῆς ὑπηρεσίας διαστήματος ἐδήλωσεν ὅτι αἱ Ἡνωμέναι Πολιτεῖαι θὰ θέσουν εἰς τροχιὰν τεράστιον διαστημικὸν σταθμόν.

ΣΥΓΚΡΙΣΙΣ ΚΑΙ ΣΥΝΕΡΓΑΣΙΑ

ΛΟΣ ΑΝΤΖΕΛΕΣ, 7. (Ἀσ. Πρές). — Ὑπάλληλος τῆς ἀμερικανικῆς ὑπηρεσίας διαστήματος ἐδήλωσεν ὅτι αἱ Ἡνωμέναι Πολιτεῖαι θὰ θέσουν εἰς τροχιὰν τεράστιον διαστημικὸν σταθμόν.

ΛΟΣ ΑΝΤΖΕΛΕΣ, 7. (Ἀσ. Πρές). — Ὑπάλληλος τῆς ἀμερικανικῆς ὑπηρεσίας διαστήματος ἐδήλωσεν ὅτι αἱ Ἡνωμέναι Πολιτεῖαι θὰ θέσουν εἰς τροχιὰν τεράστιον διαστημικὸν σταθμόν.

ΟΙ ΔΑΝΟΙ ΚΑΤΗΓΓΕΙΛΑΝ ΕΙΣ ΤΟΝ Κ. ΓΚΡΟΜΙΚΟ ΟΤΙ ΤΑ ΣΟΒΙΕΤ ΔΕΝ ΕΞΕΠΛΗΡΩΣΑΝ ΕΙΣΕΤΙ ΤΑΣ ΕΚΚΡΕΜΟΥΣΑΣ ΕΝΑΝΤΙ ΤΩΝ ΥΠΟΧΡΕΩΣΕΩΝ

ΚΟΠΕΓΧΑΓΗ, 7. (Ἀσ. Πρές). — Ὁ Ρῶσος ὑπουργὸς τῶν Ἐξωτερικῶν κ. Γκρομύκο κατὰ τὰς συνομιλίας του μὲ τοὺς Δανοὺς ἡγέτας ἔλαβε γνῶσιν τῶν παραπόνων των.

ΚΟΠΕΓΧΑΓΗ, 7. (Ἀσ. Πρές). — Ὁ Ρῶσος ὑπουργὸς τῶν Ἐξωτερικῶν κ. Γκρομύκο κατὰ τὰς συνομιλίας του μὲ τοὺς Δανοὺς ἡγέτας ἔλαβε γνῶσιν τῶν παραπόνων των.

ΚΟΠΕΓΧΑΓΗ, 7. (Ἀσ. Πρές). — Ὁ Ρῶσος ὑπουργὸς τῶν Ἐξωτερικῶν κ. Γκρομύκο κατὰ τὰς συνομιλίας του μὲ τοὺς Δανοὺς ἡγέτας ἔλαβε γνῶσιν τῶν παραπόνων των.

ΕΚΥΚΛΟΦΟΡΗΣΕΝ ΕΙΣ ΜΟΣΧΑΝ Ο 7ΟΣ ΤΟΜΟΣ ΤΟΥ ΑΡΧΕΙΟΥ ΤΟΥ ΥΠΟΥΡΓΕΙΟΥ ΕΞΩΤΕΡΙΚΩΝ

ΜΟΣΧΑ, 7. (ΤΑΣ). — Ἐκυκλοφόρησεν ὁ ἕβδομος τόμος τοῦ ἀρχείου τοῦ ὑπουργείου Ἐξωτερικῶν τῆς ΕΣΣΔ.

ΜΟΣΧΑ, 7. (ΤΑΣ). — Ἐκυκλοφόρησεν ὁ ἕβδομος τόμος τοῦ ἀρχείου τοῦ ὑπουργείου Ἐξωτερικῶν τῆς ΕΣΣΔ.

ΜΟΣΧΑ, 7. (ΤΑΣ). — Ἐκυκλοφόρησεν ὁ ἕβδομος τόμος τοῦ ἀρχείου τοῦ ὑπουργείου Ἐξωτερικῶν τῆς ΕΣΣΔ.

ΠΩΣ ΘΑ ΣΥΝΗΘΙΣΟΥΝ ΤΟ ΚΛΙΜΑ ΤΟΥ ΑΝΤΕΝ ΧΩΡΙΣ ΝΑ ΕΓΚΑΤΑΛΕΙΨΟΥΝ ΤΗΝ ΑΓΓΛΙΑΝ

ΛΟΝΔΙΝΟΝ, 7. (Ἀσ. Πρές). — Ἡ Ἐπιτροπὴ ἀναζητεῖ τρόπους ὥστε οἱ στρατιῶται νὰ συνηθίσουν τὸ κλίμα τοῦ Ἄντεν.

ΛΟΝΔΙΝΟΝ, 7. (Ἀσ. Πρές). — Ἡ Ἐπιτροπὴ ἀναζητεῖ τρόπους ὥστε οἱ στρατιῶται νὰ συνηθίσουν τὸ κλίμα τοῦ Ἄντεν.

ΛΟΝΔΙΝΟΝ, 7. (Ἀσ. Πρές). — Ἡ Ἐπιτροπὴ ἀναζητεῖ τρόπους ὥστε οἱ στρατιῶται νὰ συνηθίσουν τὸ κλίμα τοῦ Ἄντεν.

ΟΥΔΕΜΙΑ ΣΚΕΨΙΣ ΕΓΕΝΕΤΟ ΠΕΡΙ ΜΕΤΑΒΟΛΗΣ ΤΗΣ ΜΟΡΦΗΣ ΤΟΥ ΟΡΓΑΝΙΣΜΟΥ ΤΟΥΡΙΣΜΟΥ

ΑΘΗΝΑΙ, 7. — Ἐπίσημος ἀνακοίνωσις διαψεύδει τὰς πληροφορίας περὶ μεταβολῆς τῆς μορφῆς τοῦ Ε.Ο.Τ.

ΑΘΗΝΑΙ, 7. — Ἐπίσημος ἀνακοίνωσις διαψεύδει τὰς πληροφορίας περὶ μεταβολῆς τῆς μορφῆς τοῦ Ε.Ο.Τ.

ΑΘΗΝΑΙ, 7. — Ἐπίσημος ἀνακοίνωσις διαψεύδει τὰς πληροφορίας περὶ μεταβολῆς τῆς μορφῆς τοῦ Ε.Ο.Τ.

Ο ΝΤΕ ΓΚΩΛ ΣΥΝΟΔΕΥΟΜΕΝΟΣ ΥΠΟ ΤΟΥ ΒΑΣΙΛΕΩΣ ΘΑ ΕΛΘΗ ΤΗΝ 19ΗΝ ΜΑΪΟΥ ΕΙΣ ΘΕΣΣΑΛΟΝΙΚΗΝ ΚΑΙ ΘΑ ΠΑΡΑΚΟΛΟΥΘΗΣΗ ΜΕΓΑΛΗΝ ΠΑΡΕΛΑΣΙΝ
Θὰ ἐπισκεφθῇ ἀρχαιολογικὰ μνημεῖα καὶ τὰ νεκροταφεῖα τοῦ Ζέϊντελικ

ΠΑΡΙΣΙΟΙ, 7. (Ἀθ. Πρακτ.). — Ἡ ἐφημερὶς «Φιγκαρό», δημοσιεύει τὸ πρόγραμμα τῆς ἐπισήμου ἐπισκέψεως τοῦ προέδρου Ντὲ Γκὼλ εἰς τὴν Ἑλλάδα. Ὁ Γάλλος πρόεδρος συνοδευόμενος ὑπὸ τοῦ Βασιλέως θὰ ἔλθῃ εἰς Θεσσαλονίκην τὴν 19ην Μαΐου.

ΠΑΡΙΣΙΟΙ, 7. (Ἀθ. Πρακτ.). — Ἡ ἐφημερὶς «Φιγκαρό», δημοσιεύει τὸ πρόγραμμα τῆς ἐπισήμου ἐπισκέψεως τοῦ προέδρου Ντὲ Γκὼλ εἰς τὴν Ἑλλάδα. Ὁ Γάλλος πρόεδρος συνοδευόμενος ὑπὸ τοῦ Βασιλέως θὰ ἔλθῃ εἰς Θεσσαλονίκην τὴν 19ην Μαΐου.

ΠΑΡΙΣΙΟΙ, 7. (Ἀθ. Πρακτ.). — Ἡ ἐφημερὶς «Φιγκαρό», δημοσιεύει τὸ πρόγραμμα τῆς ἐπισήμου ἐπισκέψεως τοῦ προέδρου Ντὲ Γκὼλ εἰς τὴν Ἑλλάδα. Ὁ Γάλλος πρόεδρος συνοδευόμενος ὑπὸ τοῦ Βασιλέως θὰ ἔλθῃ εἰς Θεσσαλονίκην τὴν 19ην Μαΐου.
